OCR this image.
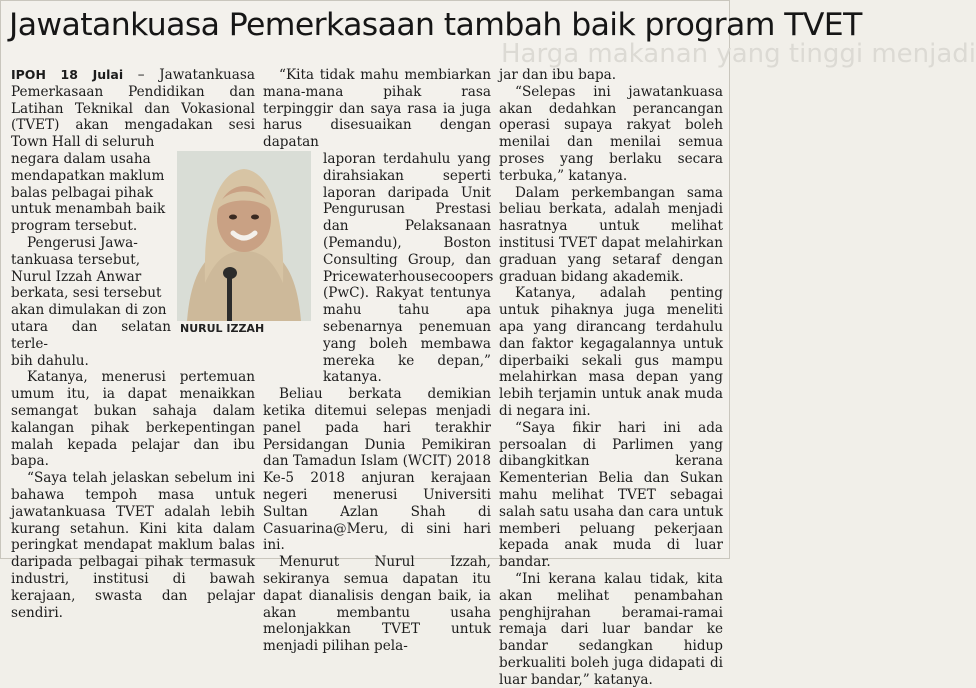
Jawatankuasa Pemerkasaan tambah baik program TVET
Harga makanan yang tinggi menjadi

IPOH 18 Julai – Jawatankuasa Pemerkasaan Pendidikan dan Latihan Teknikal dan Vokasional (TVET) akan mengadakan sesi Town Hall di seluruh

negara dalam usaha
mendapatkan maklum
balas pelbagai pihak
untuk menambah baik
program tersebut.
Pengerusi Jawa-
tankuasa tersebut,
Nurul Izzah Anwar
berkata, sesi tersebut
akan dimulakan di zon
utara dan selatan terle-
bih dahulu.

Katanya, menerusi pertemuan umum itu, ia dapat menaikkan semangat bukan sahaja dalam kalangan pihak berkepentingan malah kepada pelajar dan ibu bapa.

“Saya telah jelaskan sebelum ini bahawa tempoh masa untuk jawatankuasa TVET adalah lebih kurang setahun. Kini kita dalam peringkat mendapat maklum balas daripada pelbagai pihak termasuk industri, institusi di bawah kerajaan, swasta dan pelajar sendiri.

NURUL IZZAH

“Kita tidak mahu membiarkan mana-mana pihak rasa terpinggir dan saya rasa ia juga harus disesuaikan dengan dapatan

laporan terdahulu yang dirahsiakan seperti laporan daripada Unit Pengurusan Prestasi dan Pelaksanaan (Pemandu), Boston Consulting Group, dan Pricewaterhousecoopers (PwC). Rakyat tentunya mahu tahu apa sebenarnya penemuan yang boleh membawa mereka ke depan,” katanya.

Beliau berkata demikian ketika ditemui selepas menjadi panel pada hari terakhir Persidangan Dunia Pemikiran dan Tamadun Islam (WCIT) 2018 Ke-5 2018 anjuran kerajaan negeri menerusi Universiti Sultan Azlan Shah di Casuarina@Meru, di sini hari ini.

Menurut Nurul Izzah, sekiranya semua dapatan itu dapat dianalisis dengan baik, ia akan membantu usaha melonjakkan TVET untuk menjadi pilihan pela-

jar dan ibu bapa.

“Selepas ini jawatankuasa akan dedahkan perancangan operasi supaya rakyat boleh menilai dan menilai semua proses yang berlaku secara terbuka,” katanya.

Dalam perkembangan sama beliau berkata, adalah menjadi hasratnya untuk melihat institusi TVET dapat melahirkan graduan yang setaraf dengan graduan bidang akademik.

Katanya, adalah penting untuk pihaknya juga meneliti apa yang dirancang terdahulu dan faktor kegagalannya untuk diperbaiki sekali gus mampu melahirkan masa depan yang lebih terjamin untuk anak muda di negara ini.

“Saya fikir hari ini ada persoalan di Parlimen yang dibangkitkan kerana Kementerian Belia dan Sukan mahu melihat TVET sebagai salah satu usaha dan cara untuk memberi peluang pekerjaan kepada anak muda di luar bandar.

“Ini kerana kalau tidak, kita akan melihat penambahan penghijrahan beramai-ramai remaja dari luar bandar ke bandar sedangkan hidup berkualiti boleh juga didapati di luar bandar,” katanya.
